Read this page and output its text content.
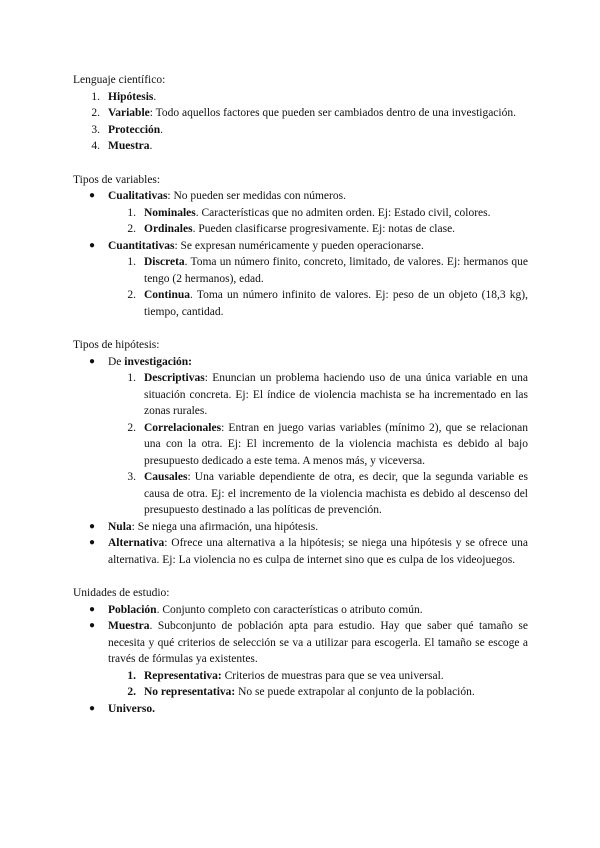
Lenguaje científico:

1. Hipótesis.
2. Variable: Todo aquellos factores que pueden ser cambiados dentro de una investigación.
3. Protección.
4. Muestra.

Tipos de variables:

●	Cualitativas: No pueden ser medidas con números.
1. Nominales. Características que no admiten orden. Ej: Estado civil, colores.
2. Ordinales. Pueden clasificarse progresivamente. Ej: notas de clase.
●	Cuantitativas: Se expresan numéricamente y pueden operacionarse.
1. Discreta. Toma un número finito, concreto, limitado, de valores. Ej: hermanos que tengo (2 hermanos), edad.
2. Continua. Toma un número infinito de valores. Ej: peso de un objeto (18,3 kg), tiempo, cantidad.

Tipos de hipótesis:

●	De investigación:
1. Descriptivas: Enuncian un problema haciendo uso de una única variable en una situación concreta. Ej: El índice de violencia machista se ha incrementado en las zonas rurales.
2. Correlacionales: Entran en juego varias variables (mínimo 2), que se relacionan una con la otra. Ej: El incremento de la violencia machista es debido al bajo presupuesto dedicado a este tema. A menos más, y viceversa.
3. Causales: Una variable dependiente de otra, es decir, que la segunda variable es causa de otra. Ej: el incremento de la violencia machista es debido al descenso del presupuesto destinado a las políticas de prevención.
●	Nula: Se niega una afirmación, una hipótesis.
●	Alternativa: Ofrece una alternativa a la hipótesis; se niega una hipótesis y se ofrece una alternativa. Ej: La violencia no es culpa de internet sino que es culpa de los videojuegos.

Unidades de estudio:

●	Población. Conjunto completo con características o atributo común.
●	Muestra. Subconjunto de población apta para estudio. Hay que saber qué tamaño se necesita y qué criterios de selección se va a utilizar para escogerla. El tamaño se escoge a través de fórmulas ya existentes.
1. Representativa: Criterios de muestras para que se vea universal.
2. No representativa: No se puede extrapolar al conjunto de la población.
●	Universo.
